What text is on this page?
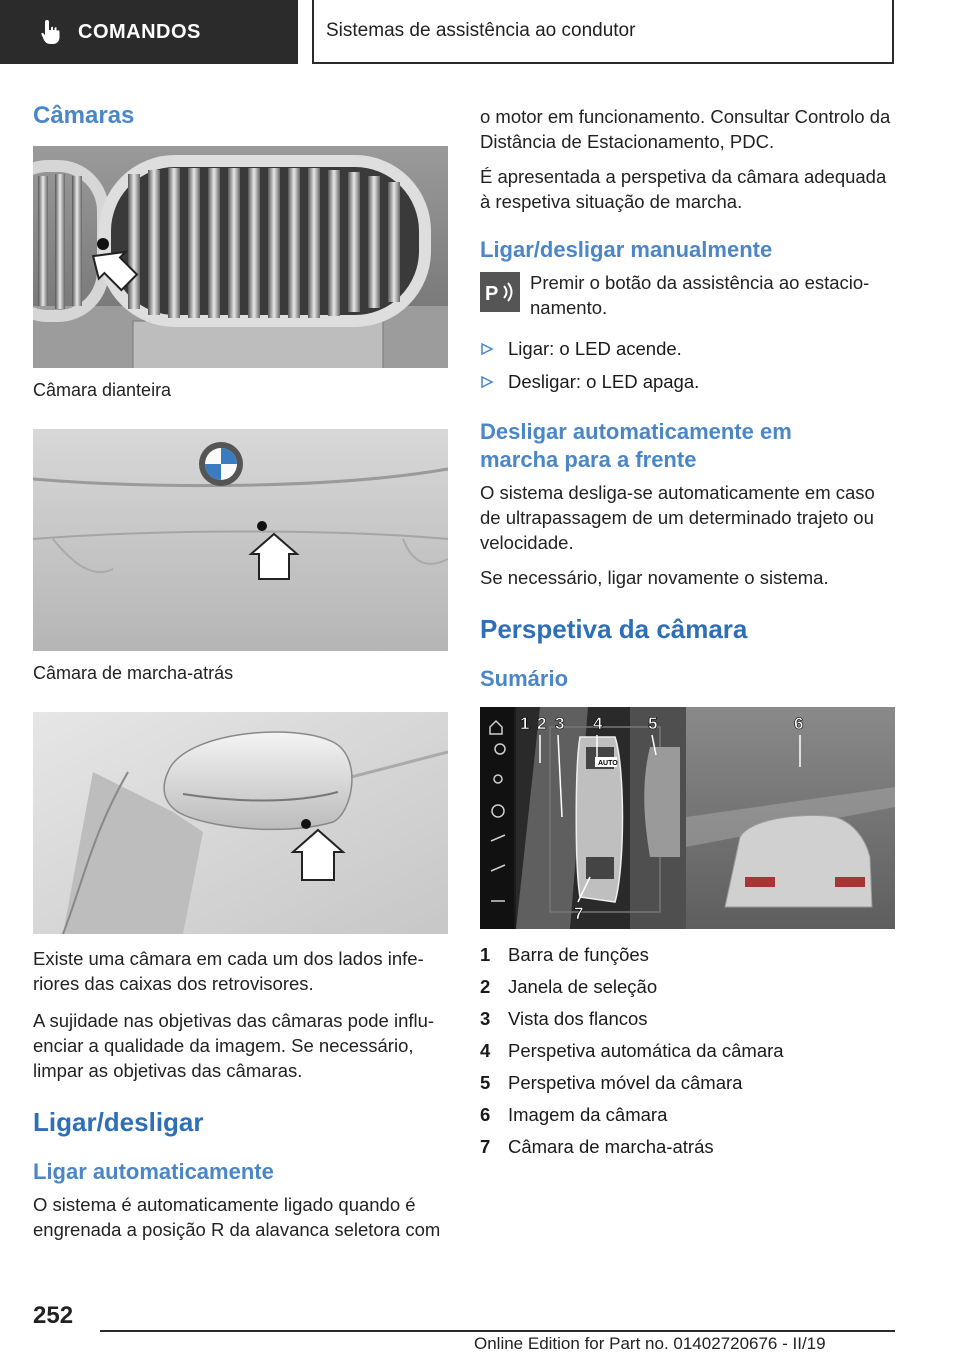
COMANDOS	Sistemas de assistência ao condutor
Câmaras
Câmara dianteira
Câmara de marcha-atrás

Existe uma câmara em cada um dos lados infe-riores das caixas dos retrovisores.

A sujidade nas objetivas das câmaras pode influ-enciar a qualidade da imagem. Se necessário, limpar as objetivas das câmaras.

Ligar/desligar
Ligar automaticamente

O sistema é automaticamente ligado quando é engrenada a posição R da alavanca seletora com

o motor em funcionamento. Consultar Controlo da Distância de Estacionamento, PDC.

É apresentada a perspetiva da câmara adequada à respetiva situação de marcha.

Ligar/desligar manualmente
P

Premir o botão da assistência ao estacio-namento.

Ligar: o LED acende.
Desligar: o LED apaga.
Desligar automaticamente em marcha para a frente

O sistema desliga-se automaticamente em caso de ultrapassagem de um determinado trajeto ou velocidade.

Se necessário, ligar novamente o sistema.

Perspetiva da câmara
Sumário
AUTO
1 2 3 4	5	6
7
1 Barra de funções
2 Janela de seleção
3 Vista dos flancos
4 Perspetiva automática da câmara
5 Perspetiva móvel da câmara
6 Imagem da câmara
7 Câmara de marcha-atrás
252
Online Edition for Part no. 01402720676 - II/19
